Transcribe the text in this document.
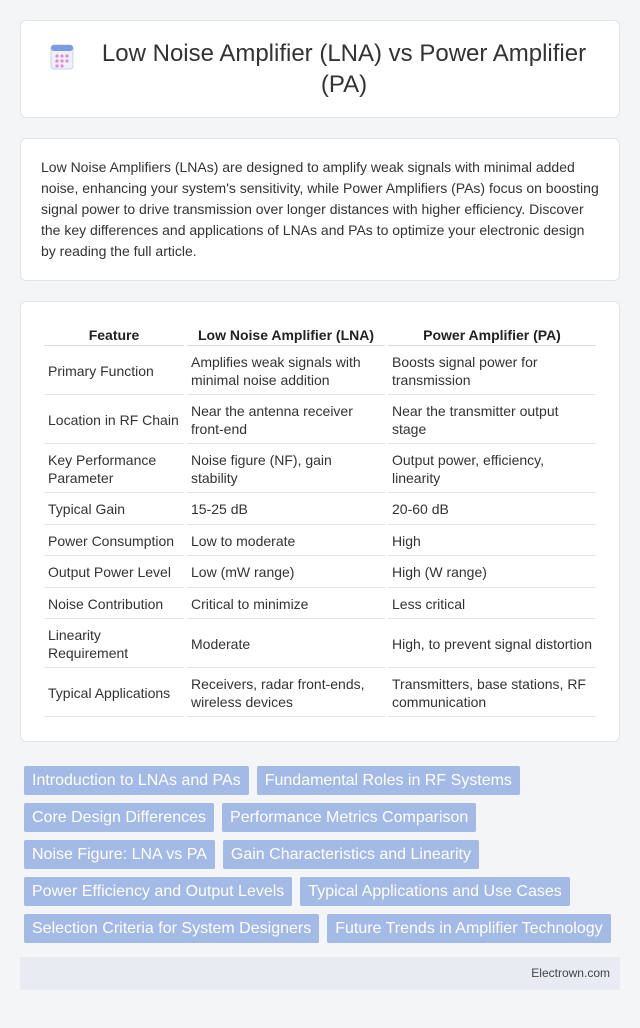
Low Noise Amplifier (LNA) vs Power Amplifier (PA)
Low Noise Amplifiers (LNAs) are designed to amplify weak signals with minimal added noise, enhancing your system's sensitivity, while Power Amplifiers (PAs) focus on boosting signal power to drive transmission over longer distances with higher efficiency. Discover the key differences and applications of LNAs and PAs to optimize your electronic design by reading the full article.
Feature	Low Noise Amplifier (LNA)	Power Amplifier (PA)
Primary Function	Amplifies weak signals with minimal noise addition	Boosts signal power for transmission
Location in RF Chain	Near the antenna receiver front-end	Near the transmitter output stage
Key Performance Parameter	Noise figure (NF), gain stability	Output power, efficiency, linearity
Typical Gain	15-25 dB	20-60 dB
Power Consumption	Low to moderate	High
Output Power Level	Low (mW range)	High (W range)
Noise Contribution	Critical to minimize	Less critical
Linearity Requirement	Moderate	High, to prevent signal distortion
Typical Applications	Receivers, radar front-ends, wireless devices	Transmitters, base stations, RF communication
Introduction to LNAs and PAs	Fundamental Roles in RF Systems
Core Design Differences	Performance Metrics Comparison
Noise Figure: LNA vs PA	Gain Characteristics and Linearity
Power Efficiency and Output Levels	Typical Applications and Use Cases
Selection Criteria for System Designers	Future Trends in Amplifier Technology
Electrown.com
